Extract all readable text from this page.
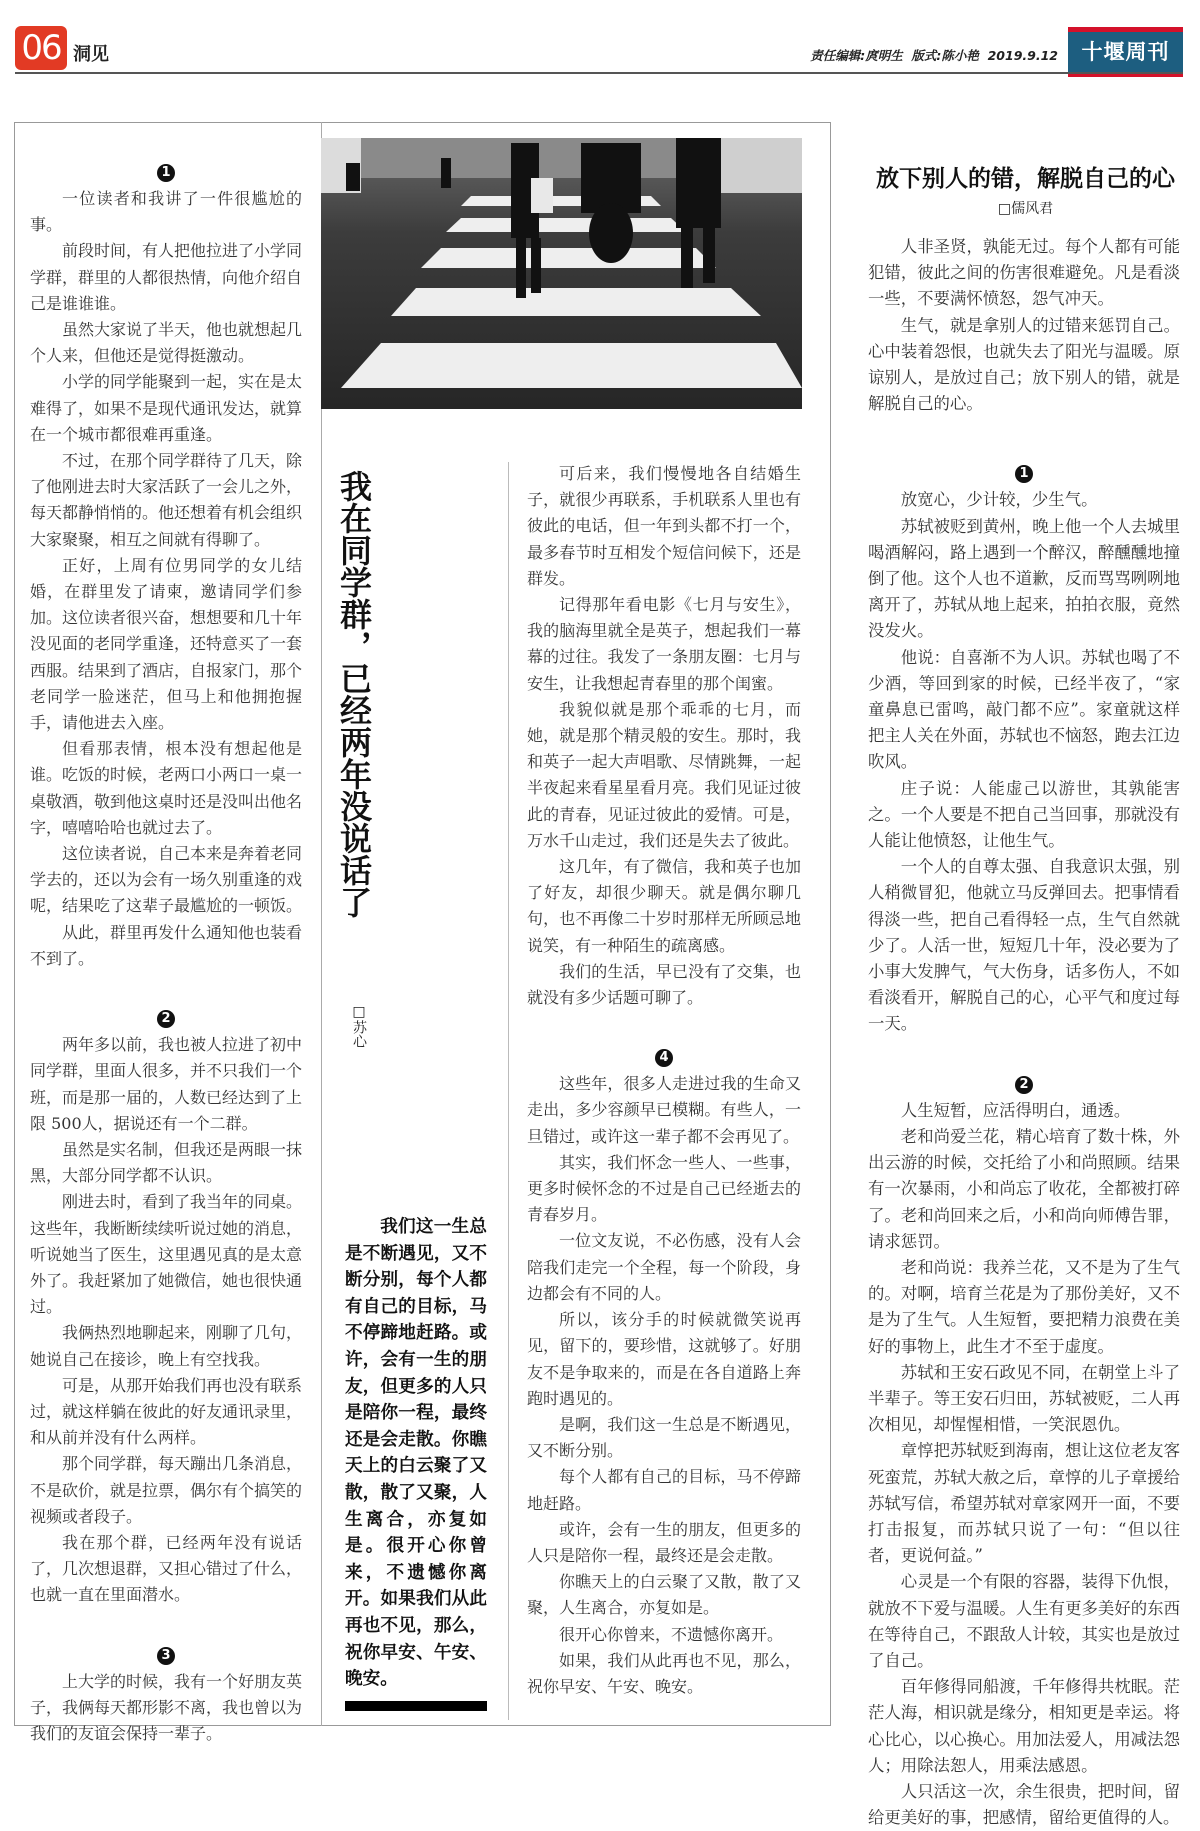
06 洞见	责任编辑:庹明生  版式:陈小艳  2019.9.12	十堰周刊
我在同学群，已经两年没说话了
□苏心

我们这一生总是不断遇见，又不断分别，每个人都有自己的目标，马不停蹄地赶路。或许，会有一生的朋友，但更多的人只是陪你一程，最终还是会走散。你瞧天上的白云聚了又散，散了又聚，人生离合，亦复如是。很开心你曾来，不遗憾你离开。如果我们从此再也不见，那么，祝你早安、午安、晚安。

1

一位读者和我讲了一件很尴尬的事。

前段时间，有人把他拉进了小学同学群，群里的人都很热情，向他介绍自己是谁谁谁。

虽然大家说了半天，他也就想起几个人来，但他还是觉得挺激动。

小学的同学能聚到一起，实在是太难得了，如果不是现代通讯发达，就算在一个城市都很难再重逢。

不过，在那个同学群待了几天，除了他刚进去时大家活跃了一会儿之外，每天都静悄悄的。他还想着有机会组织大家聚聚，相互之间就有得聊了。

正好，上周有位男同学的女儿结婚，在群里发了请柬，邀请同学们参加。这位读者很兴奋，想想要和几十年没见面的老同学重逢，还特意买了一套西服。结果到了酒店，自报家门，那个老同学一脸迷茫，但马上和他拥抱握手，请他进去入座。

但看那表情，根本没有想起他是谁。吃饭的时候，老两口小两口一桌一桌敬酒，敬到他这桌时还是没叫出他名字，嘻嘻哈哈也就过去了。

这位读者说，自己本来是奔着老同学去的，还以为会有一场久别重逢的戏呢，结果吃了这辈子最尴尬的一顿饭。

从此，群里再发什么通知他也装看不到了。

2

两年多以前，我也被人拉进了初中同学群，里面人很多，并不只我们一个班，而是那一届的，人数已经达到了上限 500人，据说还有一个二群。

虽然是实名制，但我还是两眼一抹黑，大部分同学都不认识。

刚进去时，看到了我当年的同桌。这些年，我断断续续听说过她的消息，听说她当了医生，这里遇见真的是太意外了。我赶紧加了她微信，她也很快通过。

我俩热烈地聊起来，刚聊了几句，她说自己在接诊，晚上有空找我。

可是，从那开始我们再也没有联系过，就这样躺在彼此的好友通讯录里，和从前并没有什么两样。

那个同学群，每天蹦出几条消息，不是砍价，就是拉票，偶尔有个搞笑的视频或者段子。

我在那个群，已经两年没有说话了，几次想退群，又担心错过了什么，也就一直在里面潜水。

3

上大学的时候，我有一个好朋友英子，我俩每天都形影不离，我也曾以为我们的友谊会保持一辈子。

可后来，我们慢慢地各自结婚生子，就很少再联系，手机联系人里也有彼此的电话，但一年到头都不打一个，最多春节时互相发个短信问候下，还是群发。

记得那年看电影《七月与安生》，我的脑海里就全是英子，想起我们一幕幕的过往。我发了一条朋友圈：七月与安生，让我想起青春里的那个闺蜜。

我貌似就是那个乖乖的七月，而她，就是那个精灵般的安生。那时，我和英子一起大声唱歌、尽情跳舞，一起半夜起来看星星看月亮。我们见证过彼此的青春，见证过彼此的爱情。可是，万水千山走过，我们还是失去了彼此。

这几年，有了微信，我和英子也加了好友，却很少聊天。就是偶尔聊几句，也不再像二十岁时那样无所顾忌地说笑，有一种陌生的疏离感。

我们的生活，早已没有了交集，也就没有多少话题可聊了。

4

这些年，很多人走进过我的生命又走出，多少容颜早已模糊。有些人，一旦错过，或许这一辈子都不会再见了。

其实，我们怀念一些人、一些事，更多时候怀念的不过是自己已经逝去的青春岁月。

一位文友说，不必伤感，没有人会陪我们走完一个全程，每一个阶段，身边都会有不同的人。

所以，该分手的时候就微笑说再见，留下的，要珍惜，这就够了。好朋友不是争取来的，而是在各自道路上奔跑时遇见的。

是啊，我们这一生总是不断遇见，又不断分别。

每个人都有自己的目标，马不停蹄地赶路。

或许，会有一生的朋友，但更多的人只是陪你一程，最终还是会走散。

你瞧天上的白云聚了又散，散了又聚，人生离合，亦复如是。

很开心你曾来，不遗憾你离开。

如果，我们从此再也不见，那么，祝你早安、午安、晚安。

放下别人的错，解脱自己的心
□儒风君

人非圣贤，孰能无过。每个人都有可能犯错，彼此之间的伤害很难避免。凡是看淡一些，不要满怀愤怒，怨气冲天。

生气，就是拿别人的过错来惩罚自己。心中装着怨恨，也就失去了阳光与温暖。原谅别人，是放过自己；放下别人的错，就是解脱自己的心。

1

放宽心，少计较，少生气。

苏轼被贬到黄州，晚上他一个人去城里喝酒解闷，路上遇到一个醉汉，醉醺醺地撞倒了他。这个人也不道歉，反而骂骂咧咧地离开了，苏轼从地上起来，拍拍衣服，竟然没发火。

他说：自喜渐不为人识。苏轼也喝了不少酒，等回到家的时候，已经半夜了，“家童鼻息已雷鸣，敲门都不应”。家童就这样把主人关在外面，苏轼也不恼怒，跑去江边吹风。

庄子说：人能虚己以游世，其孰能害之。一个人要是不把自己当回事，那就没有人能让他愤怒，让他生气。

一个人的自尊太强、自我意识太强，别人稍微冒犯，他就立马反弹回去。把事情看得淡一些，把自己看得轻一点，生气自然就少了。人活一世，短短几十年，没必要为了小事大发脾气，气大伤身，话多伤人，不如看淡看开，解脱自己的心，心平气和度过每一天。

2

人生短暂，应活得明白，通透。

老和尚爱兰花，精心培育了数十株，外出云游的时候，交托给了小和尚照顾。结果有一次暴雨，小和尚忘了收花，全都被打碎了。老和尚回来之后，小和尚向师傅告罪，请求惩罚。

老和尚说：我养兰花，又不是为了生气的。对啊，培育兰花是为了那份美好，又不是为了生气。人生短暂，要把精力浪费在美好的事物上，此生才不至于虚度。

苏轼和王安石政见不同，在朝堂上斗了半辈子。等王安石归田，苏轼被贬，二人再次相见，却惺惺相惜，一笑泯恩仇。

章惇把苏轼贬到海南，想让这位老友客死蛮荒，苏轼大赦之后，章惇的儿子章援给苏轼写信，希望苏轼对章家网开一面，不要打击报复，而苏轼只说了一句：“但以往者，更说何益。”

心灵是一个有限的容器，装得下仇恨，就放不下爱与温暖。人生有更多美好的东西在等待自己，不跟敌人计较，其实也是放过了自己。

百年修得同船渡，千年修得共枕眠。茫茫人海，相识就是缘分，相知更是幸运。将心比心，以心换心。用加法爱人，用减法怨人；用除法恕人，用乘法感恩。

人只活这一次，余生很贵，把时间，留给更美好的事，把感情，留给更值得的人。
